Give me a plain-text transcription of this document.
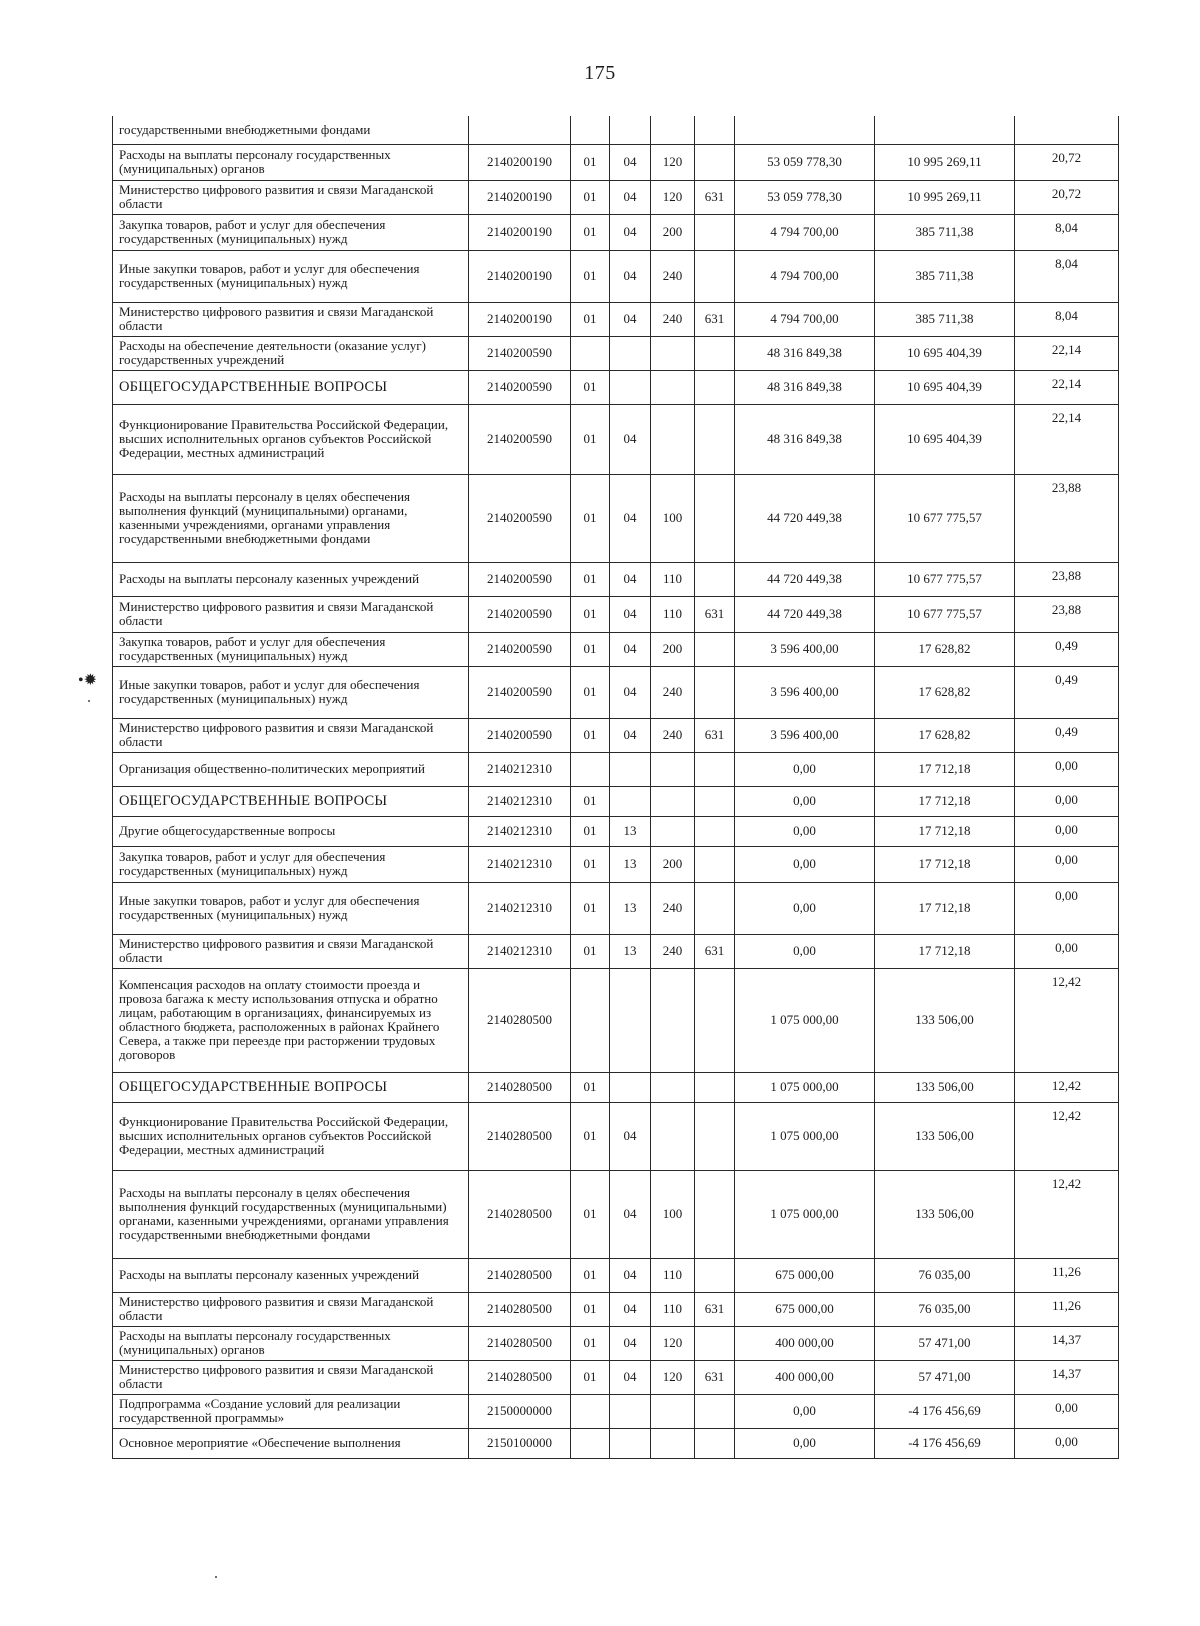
175
•✹
государственными внебюджетными фондами								
Расходы на выплаты персоналу государственных (муниципальных) органов	2140200190	01	04	120		53 059 778,30	10 995 269,11	20,72
Министерство цифрового развития и связи Магаданской области	2140200190	01	04	120	631	53 059 778,30	10 995 269,11	20,72
Закупка товаров, работ и услуг для обеспечения государственных (муниципальных) нужд	2140200190	01	04	200		4 794 700,00	385 711,38	8,04
Иные закупки товаров, работ и услуг для обеспечения государственных (муниципальных) нужд	2140200190	01	04	240		4 794 700,00	385 711,38	8,04
Министерство цифрового развития и связи Магаданской области	2140200190	01	04	240	631	4 794 700,00	385 711,38	8,04
Расходы на обеспечение деятельности (оказание услуг) государственных учреждений	2140200590					48 316 849,38	10 695 404,39	22,14
ОБЩЕГОСУДАРСТВЕННЫЕ ВОПРОСЫ	2140200590	01				48 316 849,38	10 695 404,39	22,14
Функционирование Правительства Российской Федерации, высших исполнительных органов субъектов Российской Федерации, местных администраций	2140200590	01	04			48 316 849,38	10 695 404,39	22,14
Расходы на выплаты персоналу в целях обеспечения выполнения функций (муниципальными) органами, казенными учреждениями, органами управления государственными внебюджетными фондами	2140200590	01	04	100		44 720 449,38	10 677 775,57	23,88
Расходы на выплаты персоналу казенных учреждений	2140200590	01	04	110		44 720 449,38	10 677 775,57	23,88
Министерство цифрового развития и связи Магаданской области	2140200590	01	04	110	631	44 720 449,38	10 677 775,57	23,88
Закупка товаров, работ и услуг для обеспечения государственных (муниципальных) нужд	2140200590	01	04	200		3 596 400,00	17 628,82	0,49
Иные закупки товаров, работ и услуг для обеспечения государственных (муниципальных) нужд	2140200590	01	04	240		3 596 400,00	17 628,82	0,49
Министерство цифрового развития и связи Магаданской области	2140200590	01	04	240	631	3 596 400,00	17 628,82	0,49
Организация общественно-политических мероприятий	2140212310					0,00	17 712,18	0,00
ОБЩЕГОСУДАРСТВЕННЫЕ ВОПРОСЫ	2140212310	01				0,00	17 712,18	0,00
Другие общегосударственные вопросы	2140212310	01	13			0,00	17 712,18	0,00
Закупка товаров, работ и услуг для обеспечения государственных (муниципальных) нужд	2140212310	01	13	200		0,00	17 712,18	0,00
Иные закупки товаров, работ и услуг для обеспечения государственных (муниципальных) нужд	2140212310	01	13	240		0,00	17 712,18	0,00
Министерство цифрового развития и связи Магаданской области	2140212310	01	13	240	631	0,00	17 712,18	0,00
Компенсация расходов на оплату стоимости проезда и провоза багажа к месту использования отпуска и обратно лицам, работающим в организациях, финансируемых из областного бюджета, расположенных в районах Крайнего Севера, а также при переезде при расторжении трудовых договоров	2140280500					1 075 000,00	133 506,00	12,42
ОБЩЕГОСУДАРСТВЕННЫЕ ВОПРОСЫ	2140280500	01				1 075 000,00	133 506,00	12,42
Функционирование Правительства Российской Федерации, высших исполнительных органов субъектов Российской Федерации, местных администраций	2140280500	01	04			1 075 000,00	133 506,00	12,42
Расходы на выплаты персоналу в целях обеспечения выполнения функций государственных (муниципальными) органами, казенными учреждениями, органами управления государственными внебюджетными фондами	2140280500	01	04	100		1 075 000,00	133 506,00	12,42
Расходы на выплаты персоналу казенных учреждений	2140280500	01	04	110		675 000,00	76 035,00	11,26
Министерство цифрового развития и связи Магаданской области	2140280500	01	04	110	631	675 000,00	76 035,00	11,26
Расходы на выплаты персоналу государственных (муниципальных) органов	2140280500	01	04	120		400 000,00	57 471,00	14,37
Министерство цифрового развития и связи Магаданской области	2140280500	01	04	120	631	400 000,00	57 471,00	14,37
Подпрограмма «Создание условий для реализации государственной программы»	2150000000					0,00	-4 176 456,69	0,00
Основное мероприятие «Обеспечение выполнения	2150100000					0,00	-4 176 456,69	0,00
